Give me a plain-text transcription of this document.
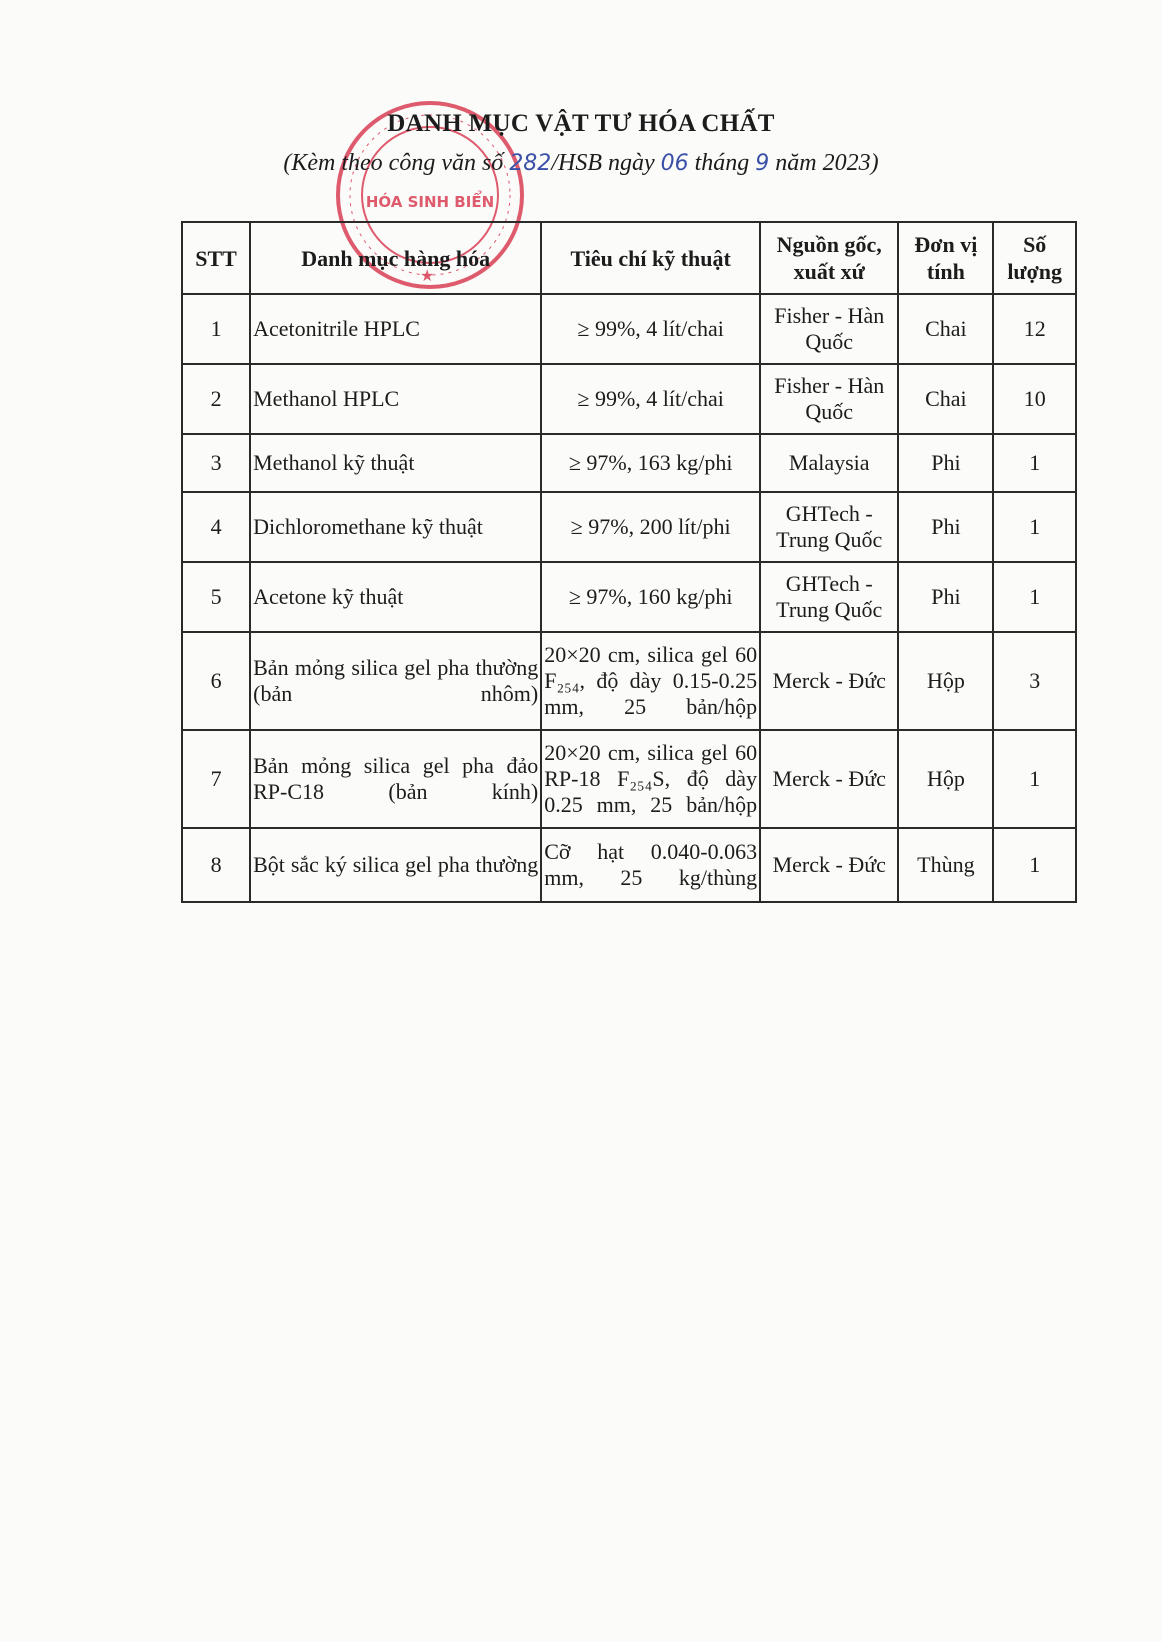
HÓA SINH BIỂN
★
DANH MỤC VẬT TƯ HÓA CHẤT
(Kèm theo công văn số 282/HSB ngày 06 tháng 9 năm 2023)
STT	Danh mục hàng hóa	Tiêu chí kỹ thuật	Nguồn gốc, xuất xứ	Đơn vị tính	Số lượng
1	Acetonitrile HPLC	≥ 99%, 4 lít/chai	Fisher - Hàn Quốc	Chai	12
2	Methanol HPLC	≥ 99%, 4 lít/chai	Fisher - Hàn Quốc	Chai	10
3	Methanol kỹ thuật	≥ 97%, 163 kg/phi	Malaysia	Phi	1
4	Dichloromethane kỹ thuật	≥ 97%, 200 lít/phi	GHTech - Trung Quốc	Phi	1
5	Acetone kỹ thuật	≥ 97%, 160 kg/phi	GHTech - Trung Quốc	Phi	1
6	Bản mỏng silica gel pha thường (bản nhôm)	20×20 cm, silica gel 60 F₂₅₄, độ dày 0.15-0.25 mm, 25 bản/hộp	Merck - Đức	Hộp	3
7	Bản mỏng silica gel pha đảo RP-C18 (bản kính)	20×20 cm, silica gel 60 RP-18 F₂₅₄S, độ dày 0.25 mm, 25 bản/hộp	Merck - Đức	Hộp	1
8	Bột sắc ký silica gel pha thường	Cỡ hạt 0.040-0.063 mm, 25 kg/thùng	Merck - Đức	Thùng	1
